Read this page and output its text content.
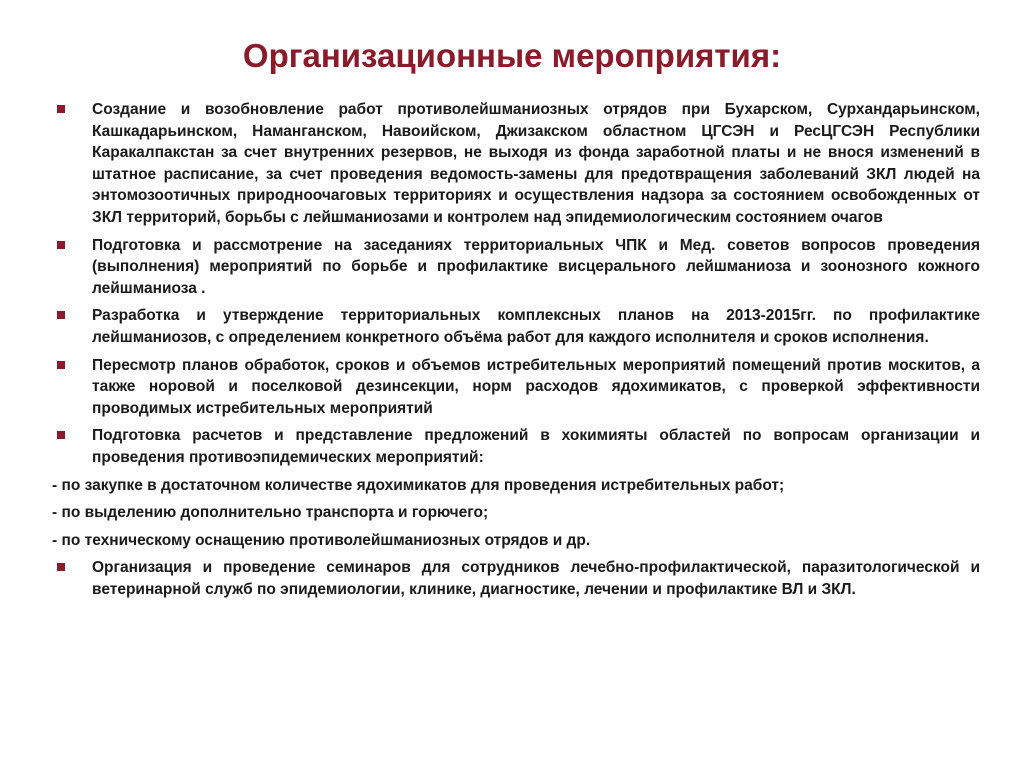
Организационные мероприятия:
Создание и возобновление работ противолейшманиозных отрядов при Бухарском, Сурхандарьинском, Кашкадарьинском, Наманганском, Навоийском, Джизакском областном ЦГСЭН и РесЦГСЭН Республики Каракалпакстан за счет внутренних резервов, не выходя из фонда заработной платы и не внося изменений в штатное расписание, за счет проведения ведомость-замены для предотвращения заболеваний ЗКЛ людей на энтомозоотичных природноочаговых территориях и осуществления надзора за состоянием освобожденных от ЗКЛ территорий, борьбы с лейшманиозами и контролем над эпидемиологическим состоянием очагов
Подготовка и рассмотрение на заседаниях территориальных ЧПК и Мед. советов вопросов проведения (выполнения) мероприятий по борьбе и профилактике висцерального лейшманиоза и зоонозного кожного лейшманиоза .
Разработка и утверждение территориальных комплексных планов на 2013-2015гг. по профилактике лейшманиозов, с определением конкретного объёма работ для каждого исполнителя и сроков исполнения.
Пересмотр планов обработок, сроков и объемов истребительных мероприятий помещений против москитов, а также норовой и поселковой дезинсекции, норм расходов ядохимикатов, с проверкой эффективности проводимых истребительных мероприятий
Подготовка расчетов и представление предложений в хокимияты областей по вопросам организации и проведения противоэпидемических мероприятий:
- по закупке в достаточном количестве ядохимикатов для проведения истребительных работ;
- по выделению дополнительно транспорта и горючего;
- по техническому оснащению противолейшманиозных отрядов и др.
Организация и проведение семинаров для сотрудников лечебно-профилактической, паразитологической и ветеринарной служб по эпидемиологии, клинике, диагностике, лечении и профилактике ВЛ и ЗКЛ.
